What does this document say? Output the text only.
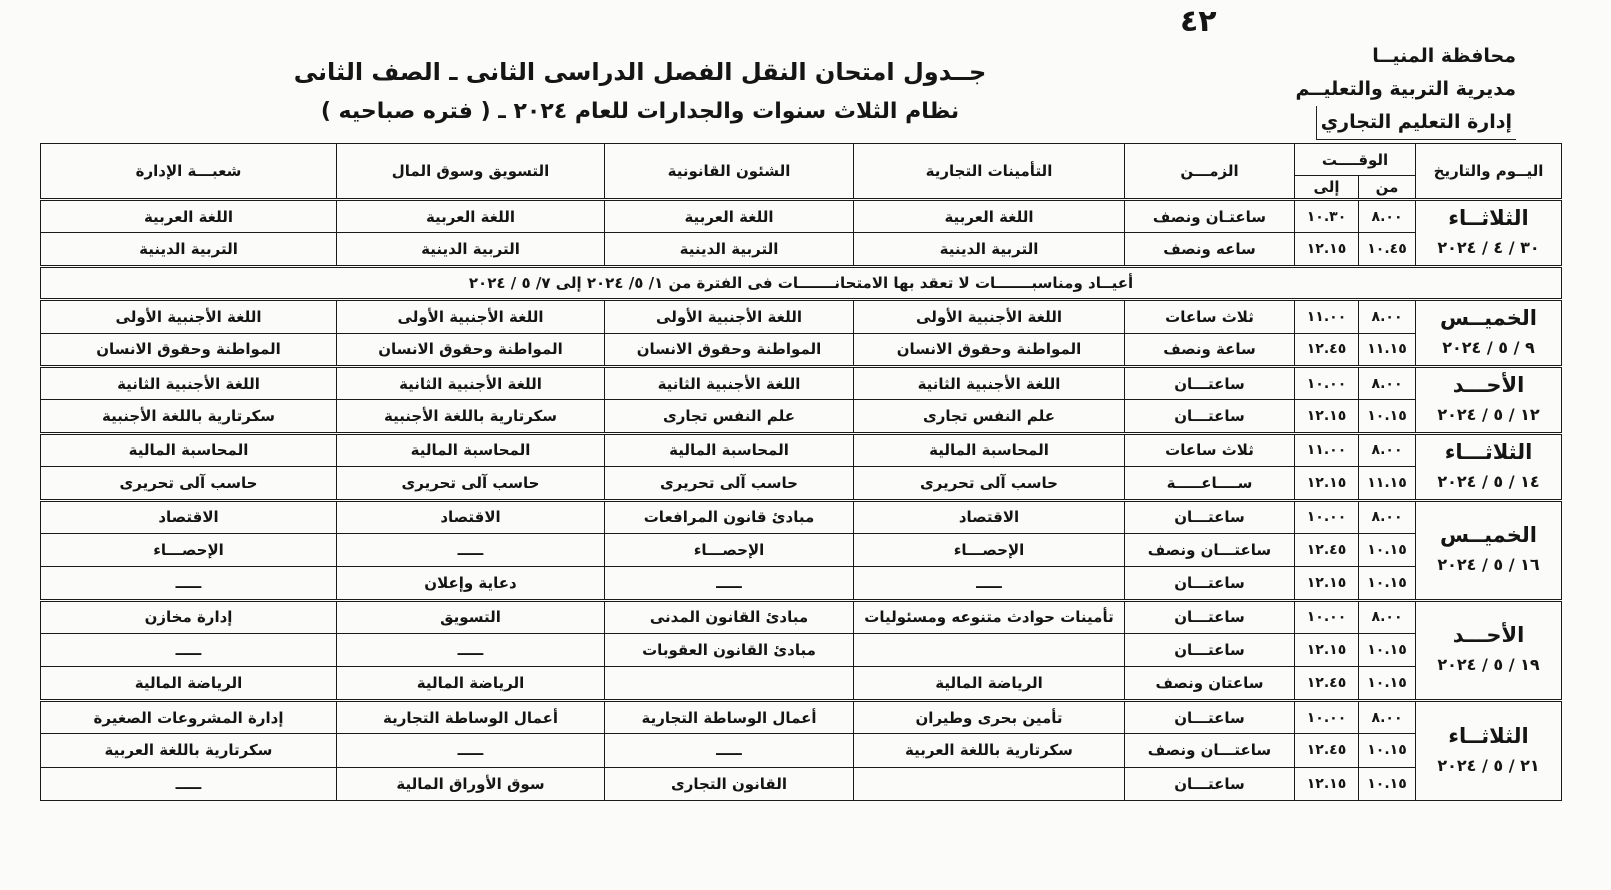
٤٢
محافظة المنيــا
مديرية التربية والتعليــم
إدارة التعليم التجاري
جــدول امتحان النقل الفصل الدراسى الثانى ـ الصف الثانى
نظام الثلاث سنوات والجدارات للعام ٢٠٢٤ ـ ( فتره صباحيه )
اليــوم والتاريخ	الوقــــت		الزمـــن	التأمينات التجارية	الشئون القانونية	التسويق وسوق المال	شعبـــة الإدارة
	من	إلى					

الثلاثــاء
٣٠ / ٤ / ٢٠٢٤	٨.٠٠	١٠.٣٠	ساعتـان ونصف	اللغة العربية	اللغة العربية	اللغة العربية	اللغة العربية
	١٠.٤٥	١٢.١٥	ساعه ونصف	التربية الدينية	التربية الدينية	التربية الدينية	التربية الدينية
أعيــاد ومناسبـــــــات لا تعقد بها الامتحانـــــــات فى الفترة من ١/ ٥/ ٢٠٢٤ إلى ٧/ ٥ / ٢٠٢٤							

الخميــس
٩ / ٥ / ٢٠٢٤	٨.٠٠	١١.٠٠	ثلاث ساعات	اللغة الأجنبية الأولى	اللغة الأجنبية الأولى	اللغة الأجنبية الأولى	اللغة الأجنبية الأولى
	١١.١٥	١٢.٤٥	ساعة ونصف	المواطنة وحقوق الانسان	المواطنة وحقوق الانسان	المواطنة وحقوق الانسان	المواطنة وحقوق الانسان

الأحـــد
١٢ / ٥ / ٢٠٢٤	٨.٠٠	١٠.٠٠	ساعتـــان	اللغة الأجنبية الثانية	اللغة الأجنبية الثانية	اللغة الأجنبية الثانية	اللغة الأجنبية الثانية
	١٠.١٥	١٢.١٥	ساعتـــان	علم النفس تجارى	علم النفس تجارى	سكرتارية باللغة الأجنبية	سكرتارية باللغة الأجنبية

الثلاثـــاء
١٤ / ٥ / ٢٠٢٤	٨.٠٠	١١.٠٠	ثلاث ساعات	المحاسبة المالية	المحاسبة المالية	المحاسبة المالية	المحاسبة المالية
	١١.١٥	١٢.١٥	ســــاعـــــة	حاسب آلى تحريرى	حاسب آلى تحريرى	حاسب آلى تحريرى	حاسب آلى تحريرى

الخميــس
١٦ / ٥ / ٢٠٢٤	٨.٠٠	١٠.٠٠	ساعتـــان	الاقتصاد	مبادئ قانون المرافعات	الاقتصاد	الاقتصاد
	١٠.١٥	١٢.٤٥	ساعتـــان ونصف	الإحصـــاء	الإحصـــاء	ـــــ	الإحصـــاء
	١٠.١٥	١٢.١٥	ساعتـــان	ـــــ	ـــــ	دعاية وإعلان	ـــــ

الأحـــد
١٩ / ٥ / ٢٠٢٤	٨.٠٠	١٠.٠٠	ساعتـــان	تأمينات حوادث متنوعه ومسئوليات	مبادئ القانون المدنى	التسويق	إدارة مخازن
	١٠.١٥	١٢.١٥	ساعتـــان		مبادئ القانون العقوبات	ـــــ	ـــــ
	١٠.١٥	١٢.٤٥	ساعتان ونصف	الرياضة المالية		الرياضة المالية	الرياضة المالية

الثلاثــاء
٢١ / ٥ / ٢٠٢٤	٨.٠٠	١٠.٠٠	ساعتـــان	تأمين بحرى وطيران	أعمال الوساطة التجارية	أعمال الوساطة التجارية	إدارة المشروعات الصغيرة
	١٠.١٥	١٢.٤٥	ساعتـــان ونصف	سكرتارية باللغة العربية	ـــــ	ـــــ	سكرتارية باللغة العربية
	١٠.١٥	١٢.١٥	ساعتـــان		القانون التجارى	سوق الأوراق المالية	ـــــ
